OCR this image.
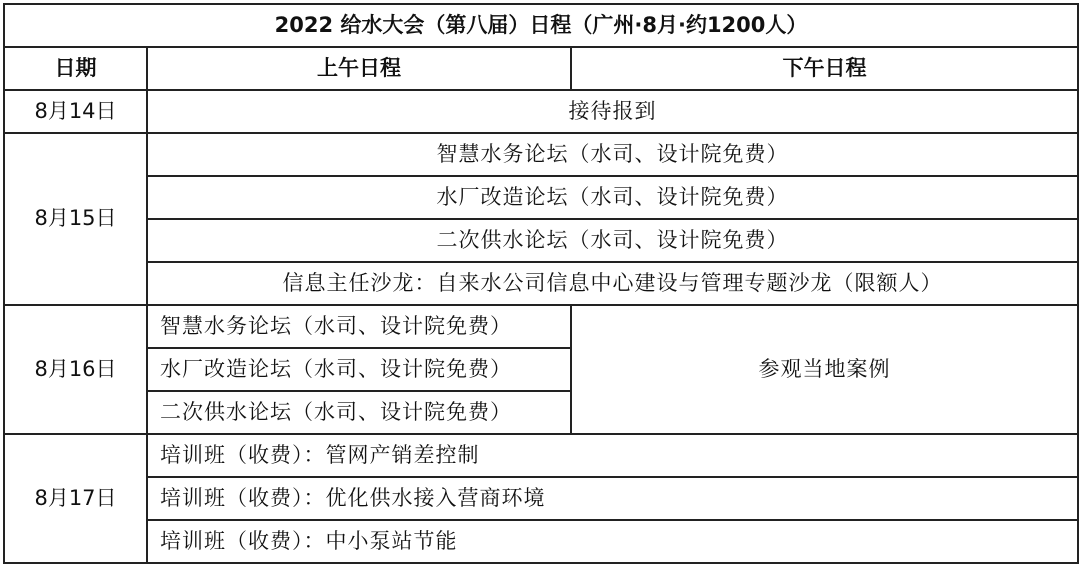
2022 给水大会（第八届）日程（广州·8月·约1200人）		
日期	上午日程	下午日程
8月14日	接待报到	
8月15日	智慧水务论坛（水司、设计院免费）	
	水厂改造论坛（水司、设计院免费）	
	二次供水论坛（水司、设计院免费）	
	信息主任沙龙：自来水公司信息中心建设与管理专题沙龙（限额人）	
8月16日	智慧水务论坛（水司、设计院免费）	参观当地案例
	水厂改造论坛（水司、设计院免费）	
	二次供水论坛（水司、设计院免费）	
8月17日	培训班（收费）：管网产销差控制	
	培训班（收费）：优化供水接入营商环境	
	培训班（收费）：中小泵站节能	
